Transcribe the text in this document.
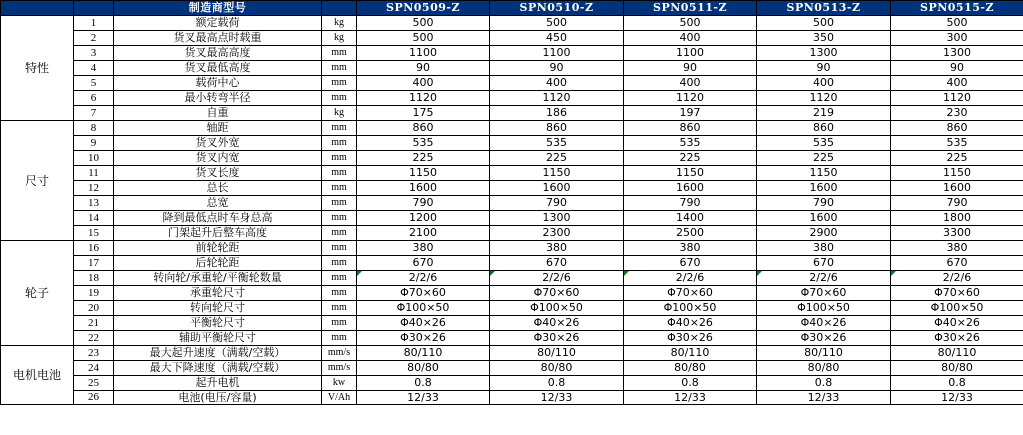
		制造商型号		SPN0509-Z	SPN0510-Z	SPN0511-Z	SPN0513-Z	SPN0515-Z
特性	1	额定载荷	kg	500	500	500	500	500
	2	货叉最高点时载重	kg	500	450	400	350	300
	3	货叉最高高度	mm	1100	1100	1100	1300	1300
	4	货叉最低高度	mm	90	90	90	90	90
	5	载荷中心	mm	400	400	400	400	400
	6	最小转弯半径	mm	1120	1120	1120	1120	1120
	7	自重	kg	175	186	197	219	230
尺寸	8	轴距	mm	860	860	860	860	860
	9	货叉外宽	mm	535	535	535	535	535
	10	货叉内宽	mm	225	225	225	225	225
	11	货叉长度	mm	1150	1150	1150	1150	1150
	12	总长	mm	1600	1600	1600	1600	1600
	13	总宽	mm	790	790	790	790	790
	14	降到最低点时车身总高	mm	1200	1300	1400	1600	1800
	15	门架起升后整车高度	mm	2100	2300	2500	2900	3300
轮子	16	前轮轮距	mm	380	380	380	380	380
	17	后轮轮距	mm	670	670	670	670	670
	18	转向轮/承重轮/平衡轮数量	mm	2/2/6	2/2/6	2/2/6	2/2/6	2/2/6
	19	承重轮尺寸	mm	Φ70×60	Φ70×60	Φ70×60	Φ70×60	Φ70×60
	20	转向轮尺寸	mm	Φ100×50	Φ100×50	Φ100×50	Φ100×50	Φ100×50
	21	平衡轮尺寸	mm	Φ40×26	Φ40×26	Φ40×26	Φ40×26	Φ40×26
	22	辅助平衡轮尺寸	mm	Φ30×26	Φ30×26	Φ30×26	Φ30×26	Φ30×26
电机电池	23	最大起升速度（满载/空载）	mm/s	80/110	80/110	80/110	80/110	80/110
	24	最大下降速度（满载/空载）	mm/s	80/80	80/80	80/80	80/80	80/80
	25	起升电机	kw	0.8	0.8	0.8	0.8	0.8
	26	电池(电压/容量)	V/Ah	12/33	12/33	12/33	12/33	12/33
